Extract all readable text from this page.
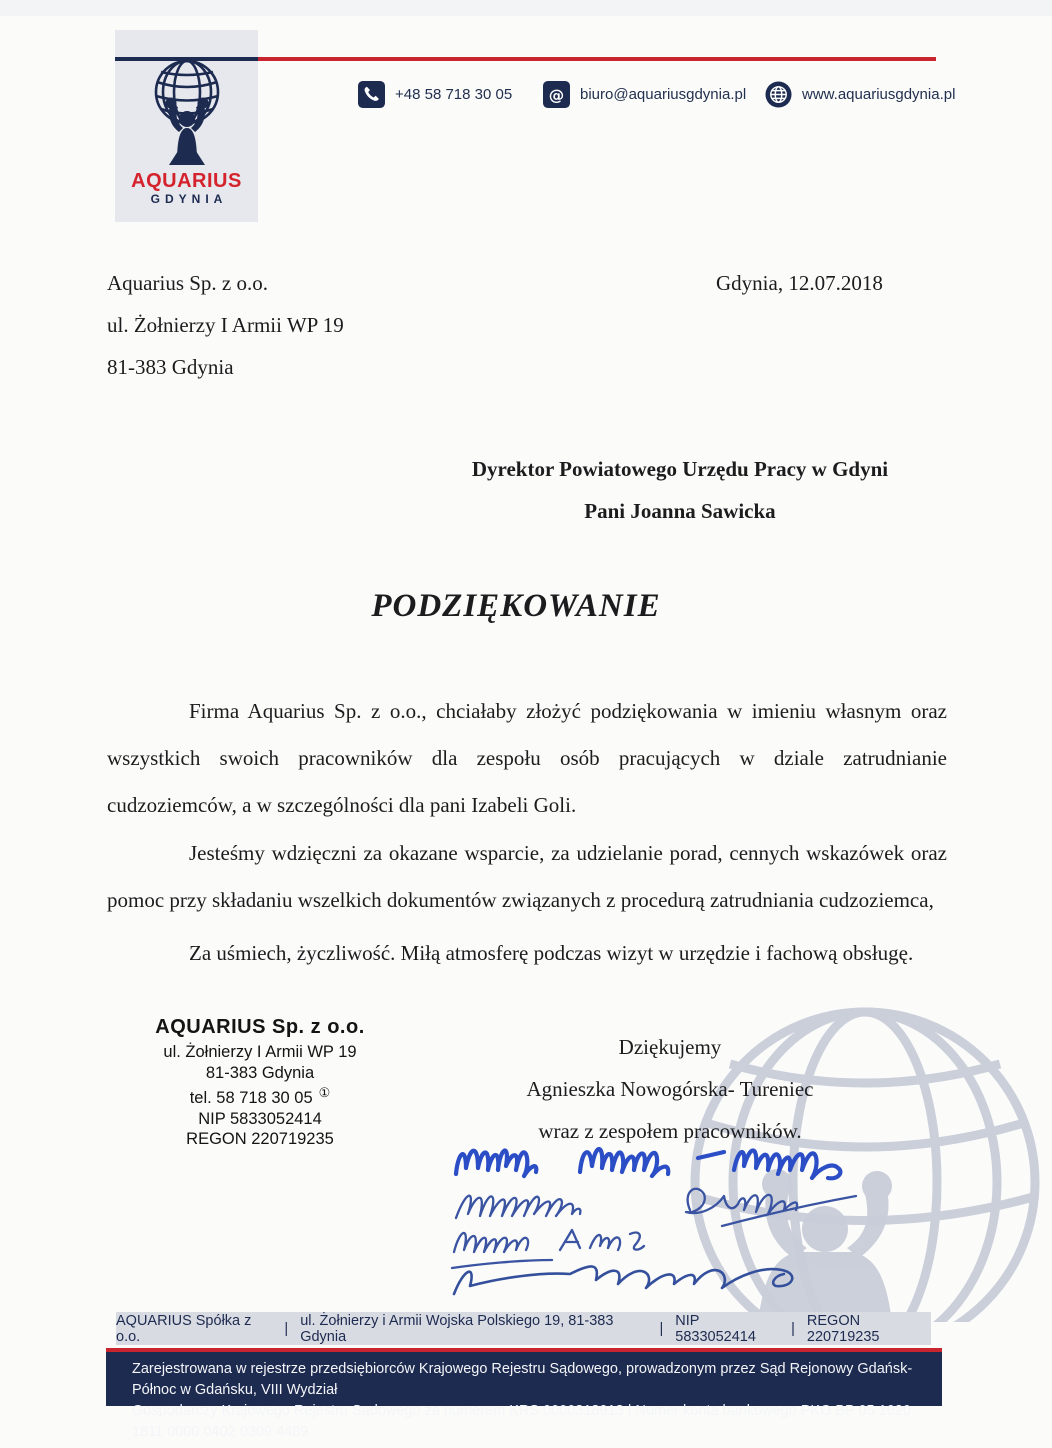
AQUARIUS
GDYNIA
+48 58 718 30 05 @ biuro@aquariusgdynia.pl	www.aquariusgdynia.pl
Aquarius Sp. z o.o.
ul. Żołnierzy I Armii WP 19
81-383 Gdynia
Gdynia, 12.07.2018
Dyrektor Powiatowego Urzędu Pracy w Gdyni
Pani Joanna Sawicka
PODZIĘKOWANIE
Firma Aquarius Sp. z o.o., chciałaby złożyć podziękowania w imieniu własnym oraz wszystkich swoich pracowników dla zespołu osób pracujących w dziale zatrudnianie cudzoziemców, a w szczególności dla pani Izabeli Goli.
Jesteśmy wdzięczni za okazane wsparcie, za udzielanie porad, cennych wskazówek oraz pomoc przy składaniu wszelkich dokumentów związanych z procedurą zatrudniania cudzoziemca,
Za uśmiech, życzliwość. Miłą atmosferę podczas wizyt w urzędzie i fachową obsługę.
AQUARIUS Sp. z o.o.
ul. Żołnierzy I Armii WP 19
81-383 Gdynia
tel. 58 718 30 05 ①
NIP 5833052414
REGON 220719235
Dziękujemy
Agnieszka Nowogórska- Tureniec
wraz z zespołem pracowników.
AQUARIUS Spółka z o.o.	| ul. Żołnierzy i Armii Wojska Polskiego 19, 81-383 Gdynia	| NIP 5833052414	| REGON 220719235
Zarejestrowana w rejestrze przedsiębiorców Krajowego Rejestru Sądowego, prowadzonym przez Sąd Rejonowy Gdańsk- Północ w Gdańsku, VIII Wydział
Gospodarczy Krajowego Rejestru Sądowego za numerem KRS 0000318913 | Numer konta bankowego PKO BP 05 1020 1811 0000 0402 0309 4489
